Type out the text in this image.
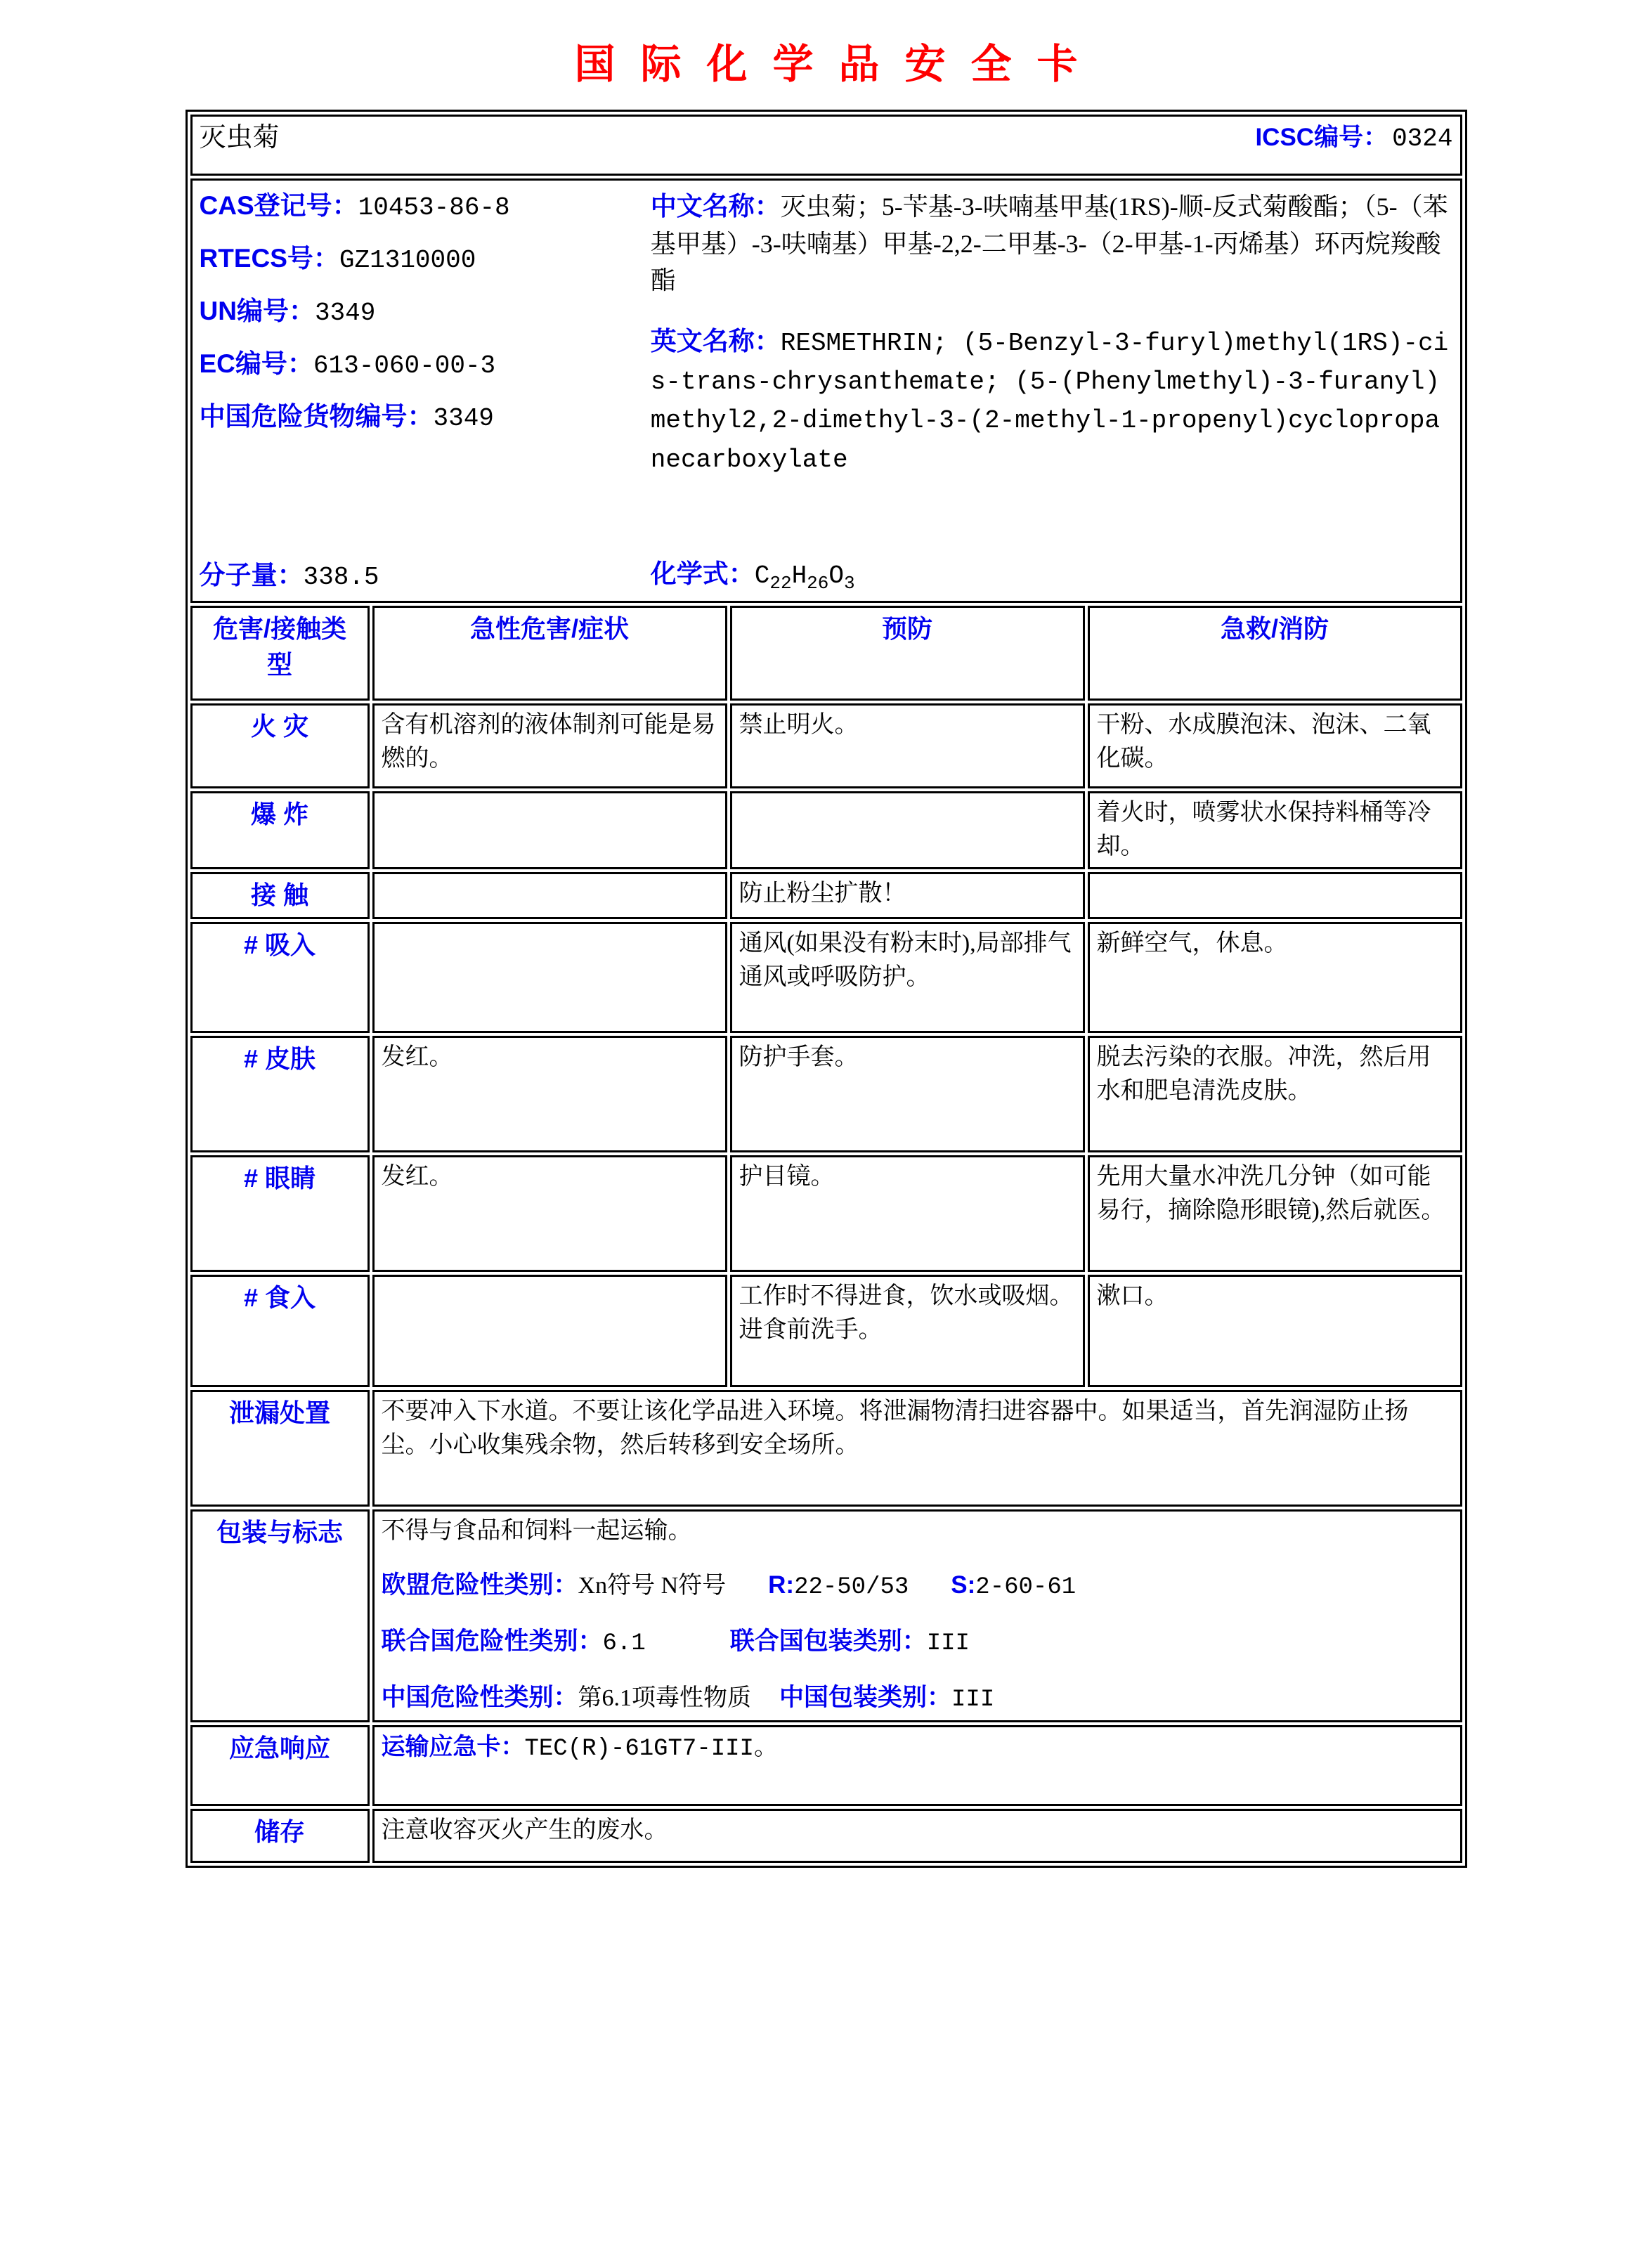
国际化学品安全卡
灭虫菊 ICSC编号： 0324			

CAS登记号：10453-86-8
RTECS号：GZ1310000
UN编号：3349
EC编号：613-060-00-3
中国危险货物编号：3349
分子量：338.5

中文名称：灭虫菊；5-苄基-3-呋喃基甲基(1RS)-顺-反式菊酸酯；（5-（苯基甲基）-3-呋喃基）甲基-2,2-二甲基-3-（2-甲基-1-丙烯基）环丙烷羧酸酯

英文名称：RESMETHRIN; (5-Benzyl-3-furyl)methyl(1RS)-cis-trans-chrysanthemate; (5-(Phenylmethyl)-3-furanyl)methyl2,2-dimethyl-3-(2-methyl-1-propenyl)cyclopropanecarboxylate

化学式：$C_{22}H_{26}O_3$

危害/接触类型	急性危害/症状	预防	急救/消防
火 灾	含有机溶剂的液体制剂可能是易燃的。	禁止明火。	干粉、水成膜泡沫、泡沫、二氧化碳。
爆 炸			着火时，喷雾状水保持料桶等冷却。
接 触		防止粉尘扩散！	
# 吸入		通风(如果没有粉末时),局部排气通风或呼吸防护。	新鲜空气，休息。
# 皮肤	发红。	防护手套。	脱去污染的衣服。冲洗，然后用水和肥皂清洗皮肤。
# 眼睛	发红。	护目镜。	先用大量水冲洗几分钟（如可能易行，摘除隐形眼镜),然后就医。
# 食入		工作时不得进食，饮水或吸烟。进食前洗手。	漱口。
泄漏处置	不要冲入下水道。不要让该化学品进入环境。将泄漏物清扫进容器中。如果适当，首先润湿防止扬尘。小心收集残余物，然后转移到安全场所。		
包装与标志	不得与食品和饲料一起运输。
欧盟危险性类别：Xn符号 N符号 R:22-50/53 S:2-60-61
联合国危险性类别：6.1 联合国包装类别：III
中国危险性类别：第6.1项毒性物质 中国包装类别：III		

应急响应	运输应急卡：TEC(R)-61GT7-III。		
储存	注意收容灭火产生的废水。		
